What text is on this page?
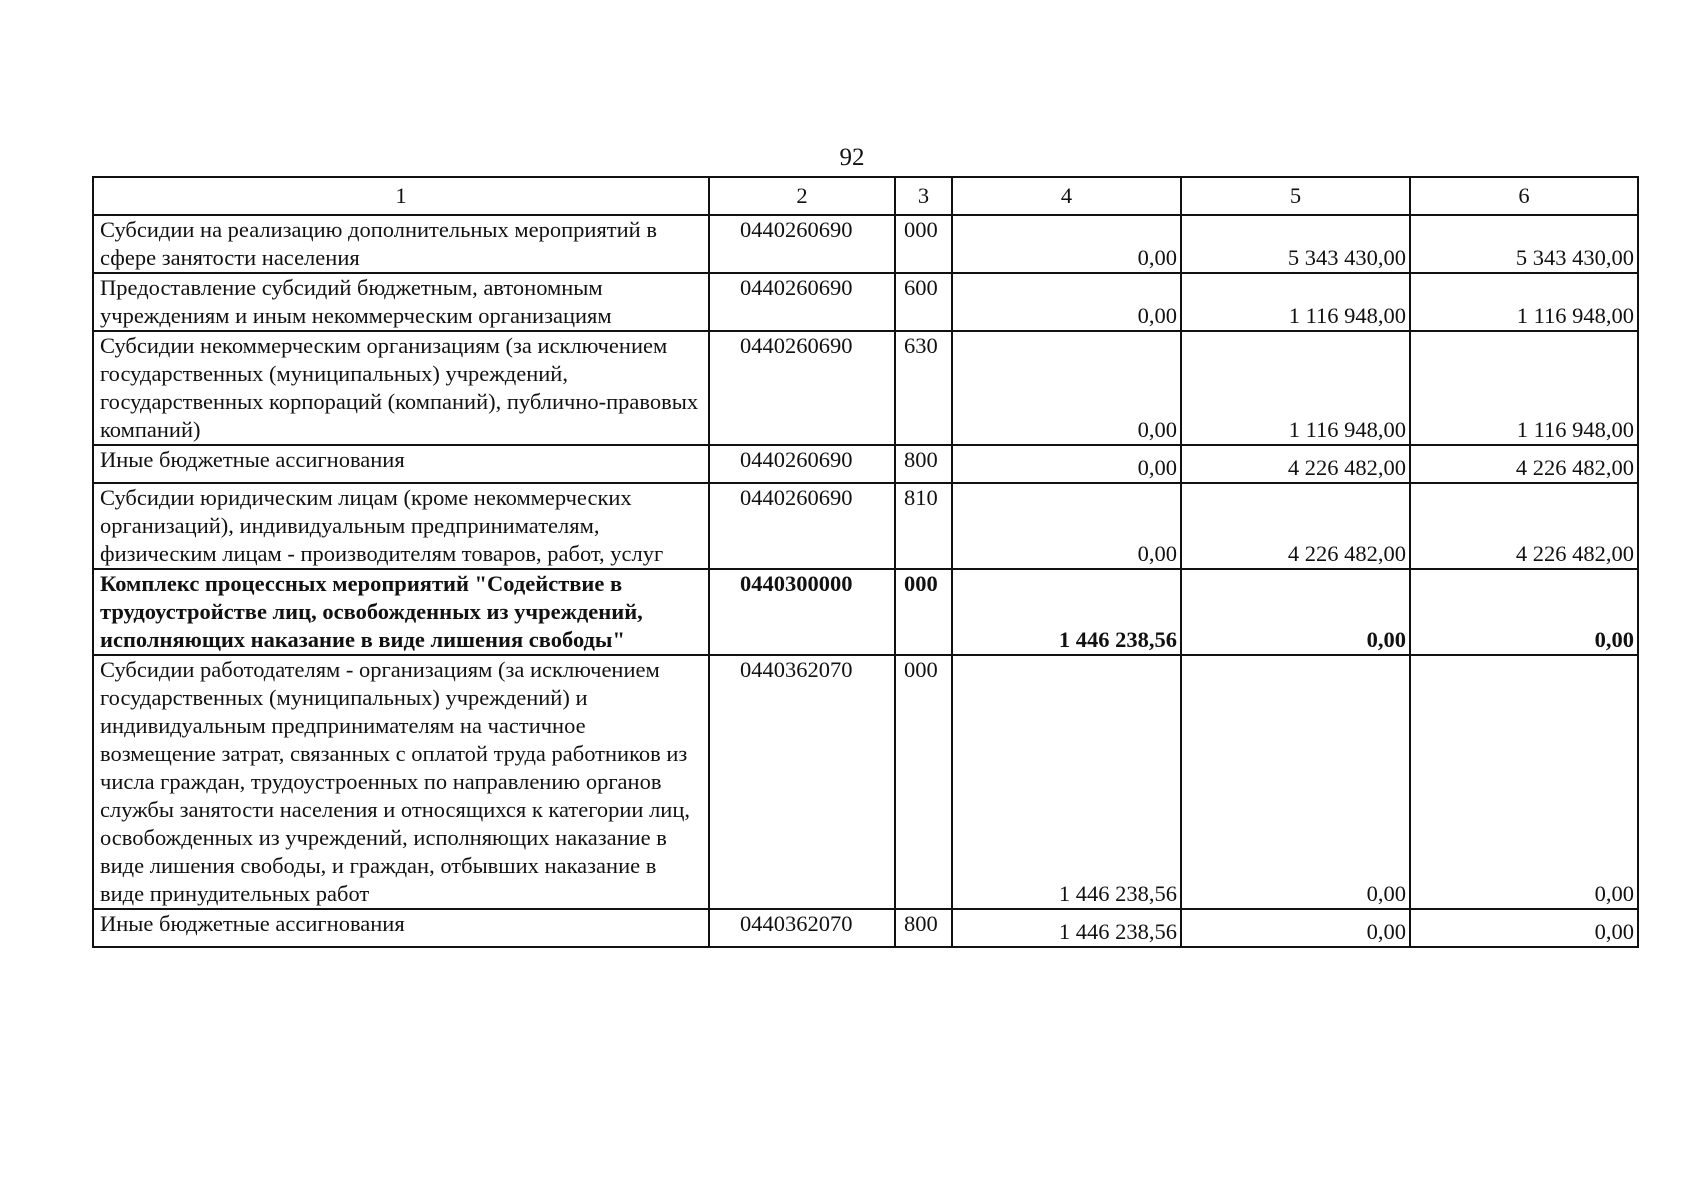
92
1	2	3	4	5	6
Субсидии на реализацию дополнительных мероприятий в сфере занятости населения	0440260690	000	0,00	5 343 430,00	5 343 430,00
Предоставление субсидий бюджетным, автономным учреждениям и иным некоммерческим организациям	0440260690	600	0,00	1 116 948,00	1 116 948,00
Субсидии некоммерческим организациям (за исключением государственных (муниципальных) учреждений, государственных корпораций (компаний), публично-правовых компаний)	0440260690	630	0,00	1 116 948,00	1 116 948,00
Иные бюджетные ассигнования	0440260690	800	0,00	4 226 482,00	4 226 482,00
Субсидии юридическим лицам (кроме некоммерческих организаций), индивидуальным предпринимателям, физическим лицам - производителям товаров, работ, услуг	0440260690	810	0,00	4 226 482,00	4 226 482,00
Комплекс процессных мероприятий "Содействие в трудоустройстве лиц, освобожденных из учреждений, исполняющих наказание в виде лишения свободы"	0440300000	000	1 446 238,56	0,00	0,00
Субсидии работодателям - организациям (за исключением государственных (муниципальных) учреждений) и индивидуальным предпринимателям на частичное возмещение затрат, связанных с оплатой труда работников из числа граждан, трудоустроенных по направлению органов службы занятости населения и относящихся к категории лиц, освобожденных из учреждений, исполняющих наказание в виде лишения свободы, и граждан, отбывших наказание в виде принудительных работ	0440362070	000	1 446 238,56	0,00	0,00
Иные бюджетные ассигнования	0440362070	800	1 446 238,56	0,00	0,00
